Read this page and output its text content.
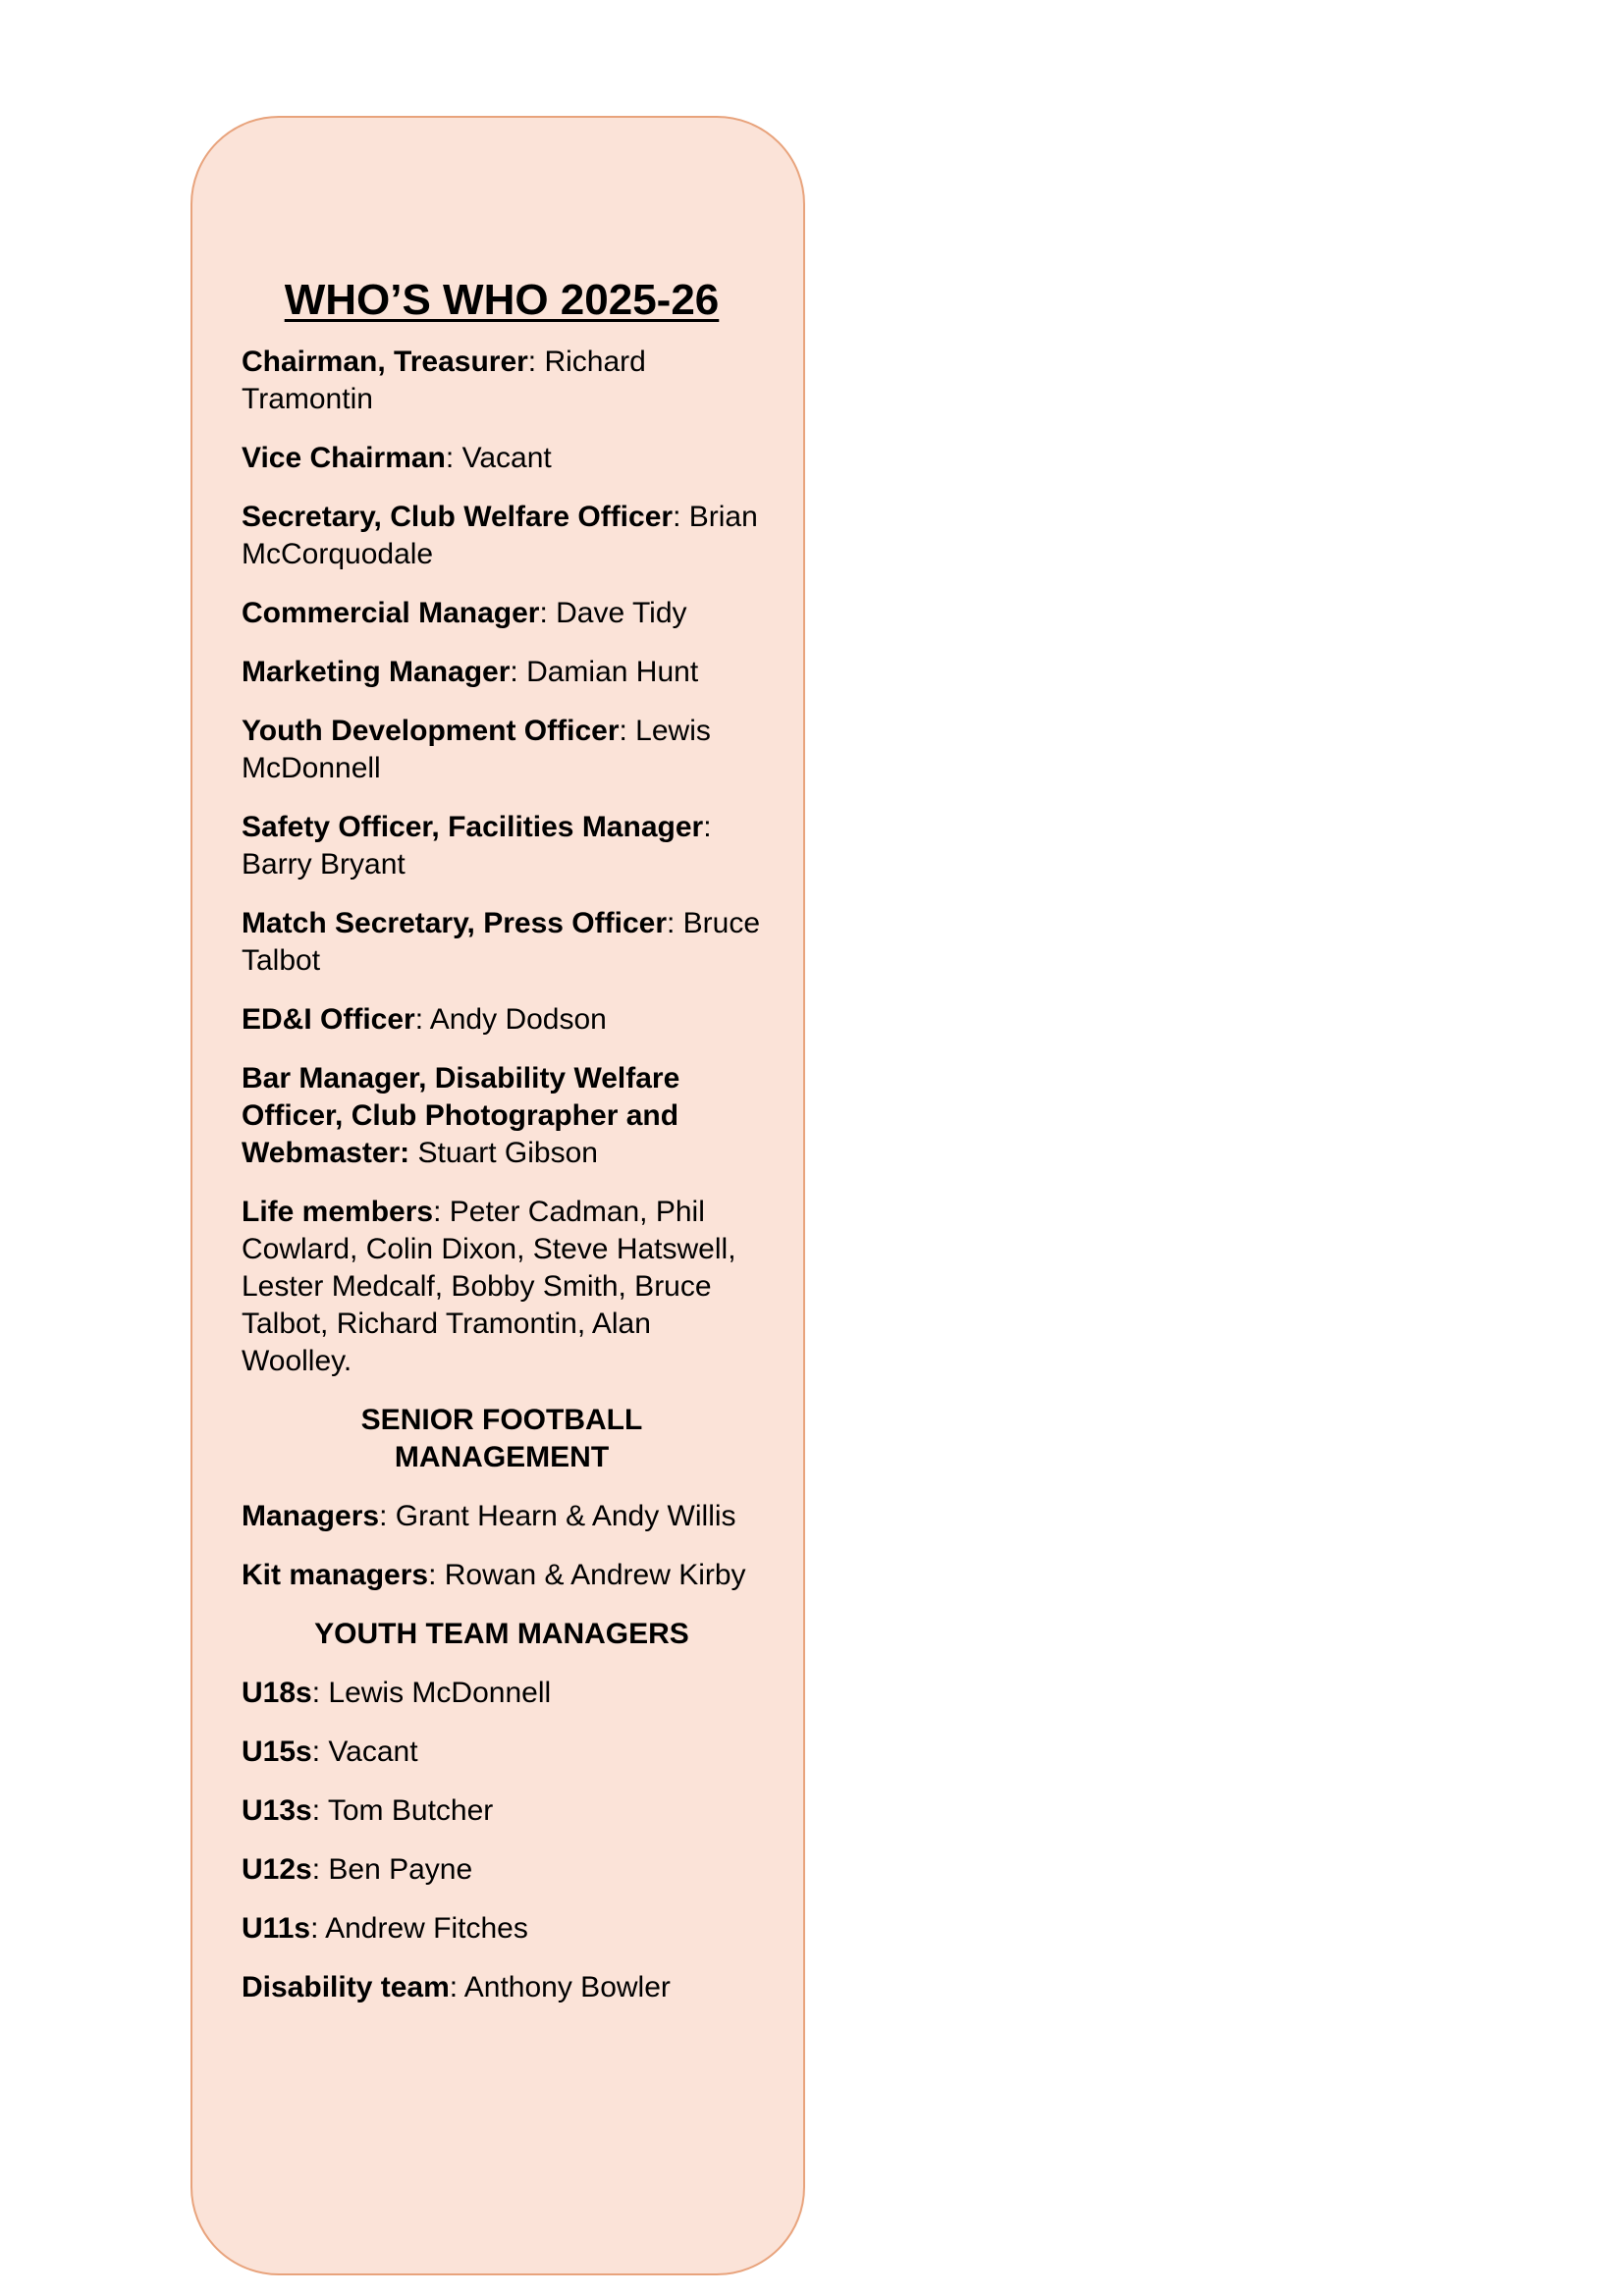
WHO’S WHO 2025-26
Chairman, Treasurer: Richard Tramontin
Vice Chairman: Vacant
Secretary, Club Welfare Officer: Brian McCorquodale
Commercial Manager: Dave Tidy
Marketing Manager: Damian Hunt
Youth Development Officer: Lewis McDonnell
Safety Officer, Facilities Manager: Barry Bryant
Match Secretary, Press Officer: Bruce Talbot
ED&I Officer: Andy Dodson
Bar Manager, Disability Welfare Officer, Club Photographer and Webmaster: Stuart Gibson
Life members: Peter Cadman, Phil Cowlard, Colin Dixon, Steve Hatswell, Lester Medcalf, Bobby Smith, Bruce Talbot, Richard Tramontin, Alan Woolley.
SENIOR FOOTBALL
MANAGEMENT
Managers: Grant Hearn & Andy Willis
Kit managers: Rowan & Andrew Kirby
YOUTH TEAM MANAGERS
U18s: Lewis McDonnell
U15s: Vacant
U13s: Tom Butcher
U12s: Ben Payne
U11s: Andrew Fitches
Disability team: Anthony Bowler
